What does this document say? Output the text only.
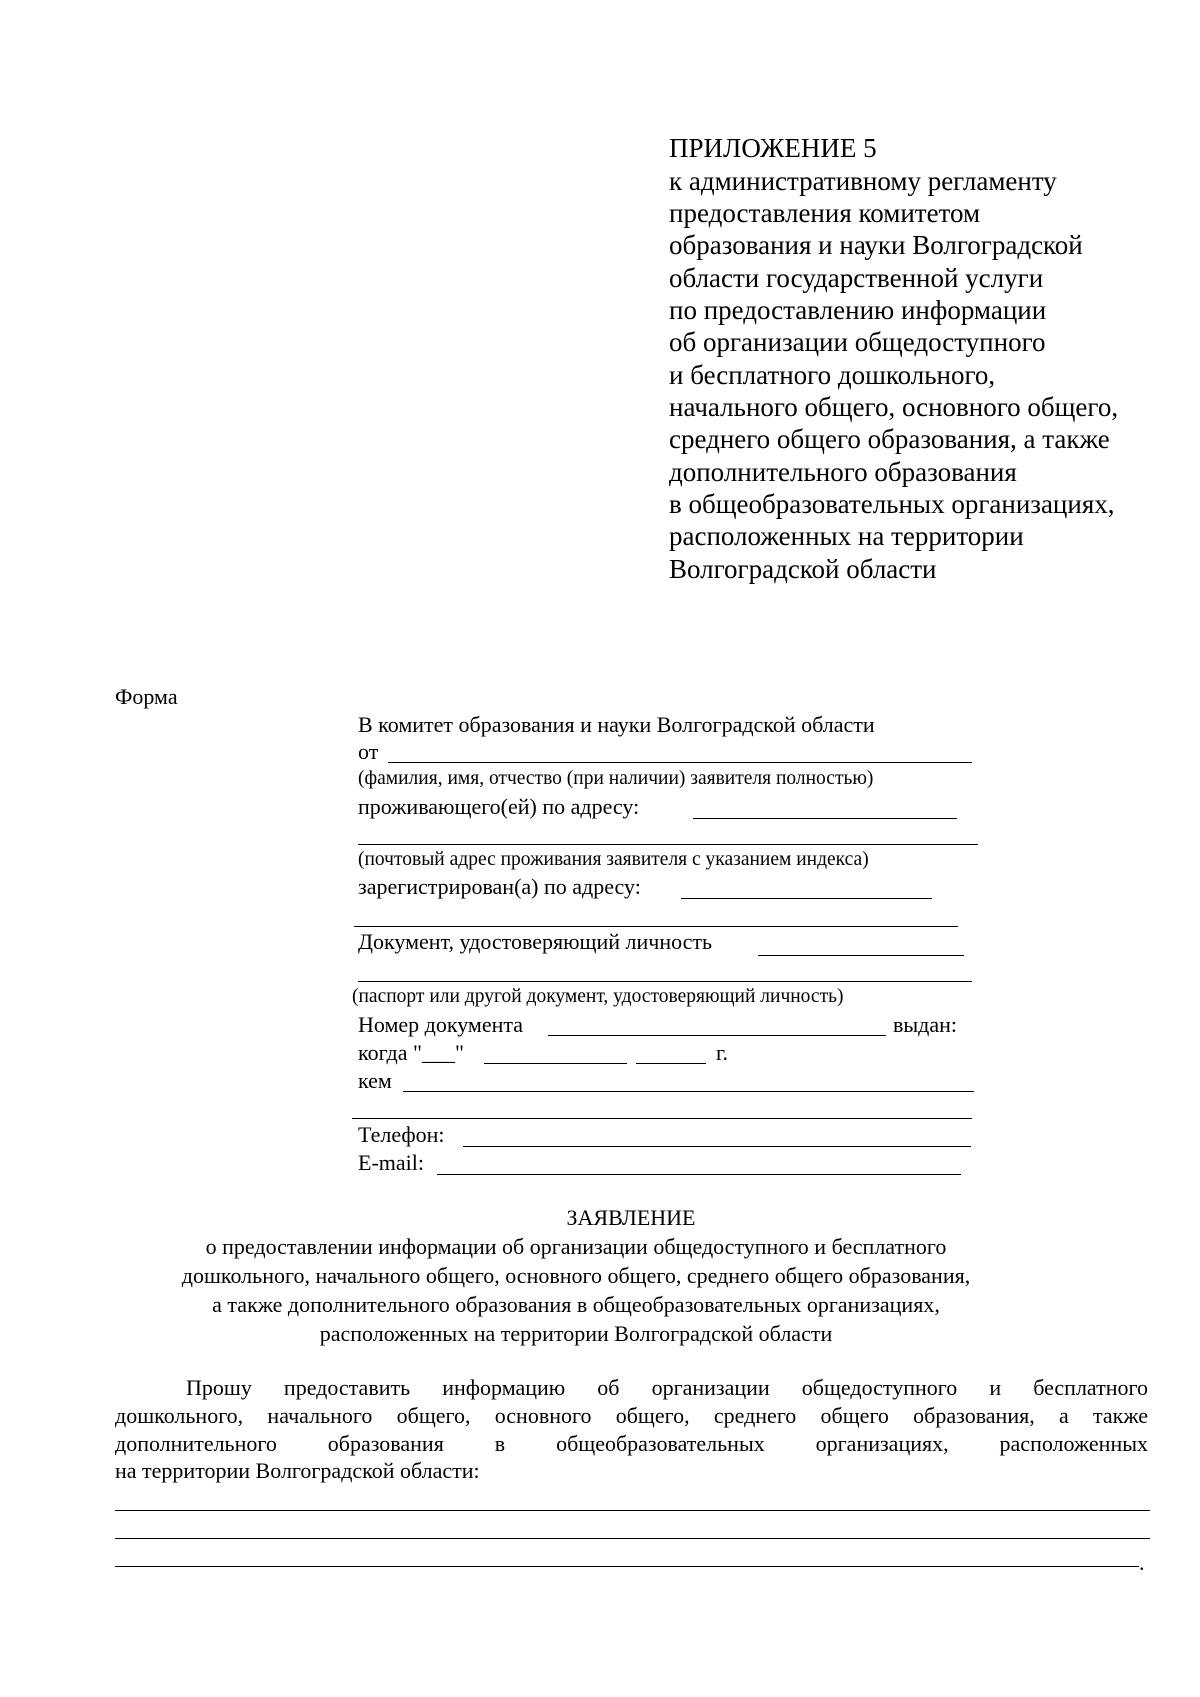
ПРИЛОЖЕНИЕ 5
к административному регламенту
предоставления комитетом
образования и науки Волгоградской
области государственной услуги
по предоставлению информации
об организации общедоступного
и бесплатного дошкольного,
начального общего, основного общего,
среднего общего образования, а также
дополнительного образования
в общеобразовательных организациях,
расположенных на территории
Волгоградской области
Форма
В комитет образования и науки Волгоградской области
от
(фамилия, имя, отчество (при наличии) заявителя полностью)
проживающего(ей) по адресу:
(почтовый адрес проживания заявителя с указанием индекса)
зарегистрирован(а) по адресу:
Документ, удостоверяющий личность
(паспорт или другой документ, удостоверяющий личность)
Номер документа	выдан:
когда "___"	г.
кем
Телефон:
E-mail:
ЗАЯВЛЕНИЕ
о предоставлении информации об организации общедоступного и бесплатного
дошкольного, начального общего, основного общего, среднего общего образования,
а также дополнительного образования в общеобразовательных организациях,
расположенных на территории Волгоградской области
Прошу предоставить информацию об организации общедоступного и бесплатного
дошкольного, начального общего, основного общего, среднего общего образования, а также
дополнительного образования в общеобразовательных организациях, расположенных
на территории Волгоградской области:
.
